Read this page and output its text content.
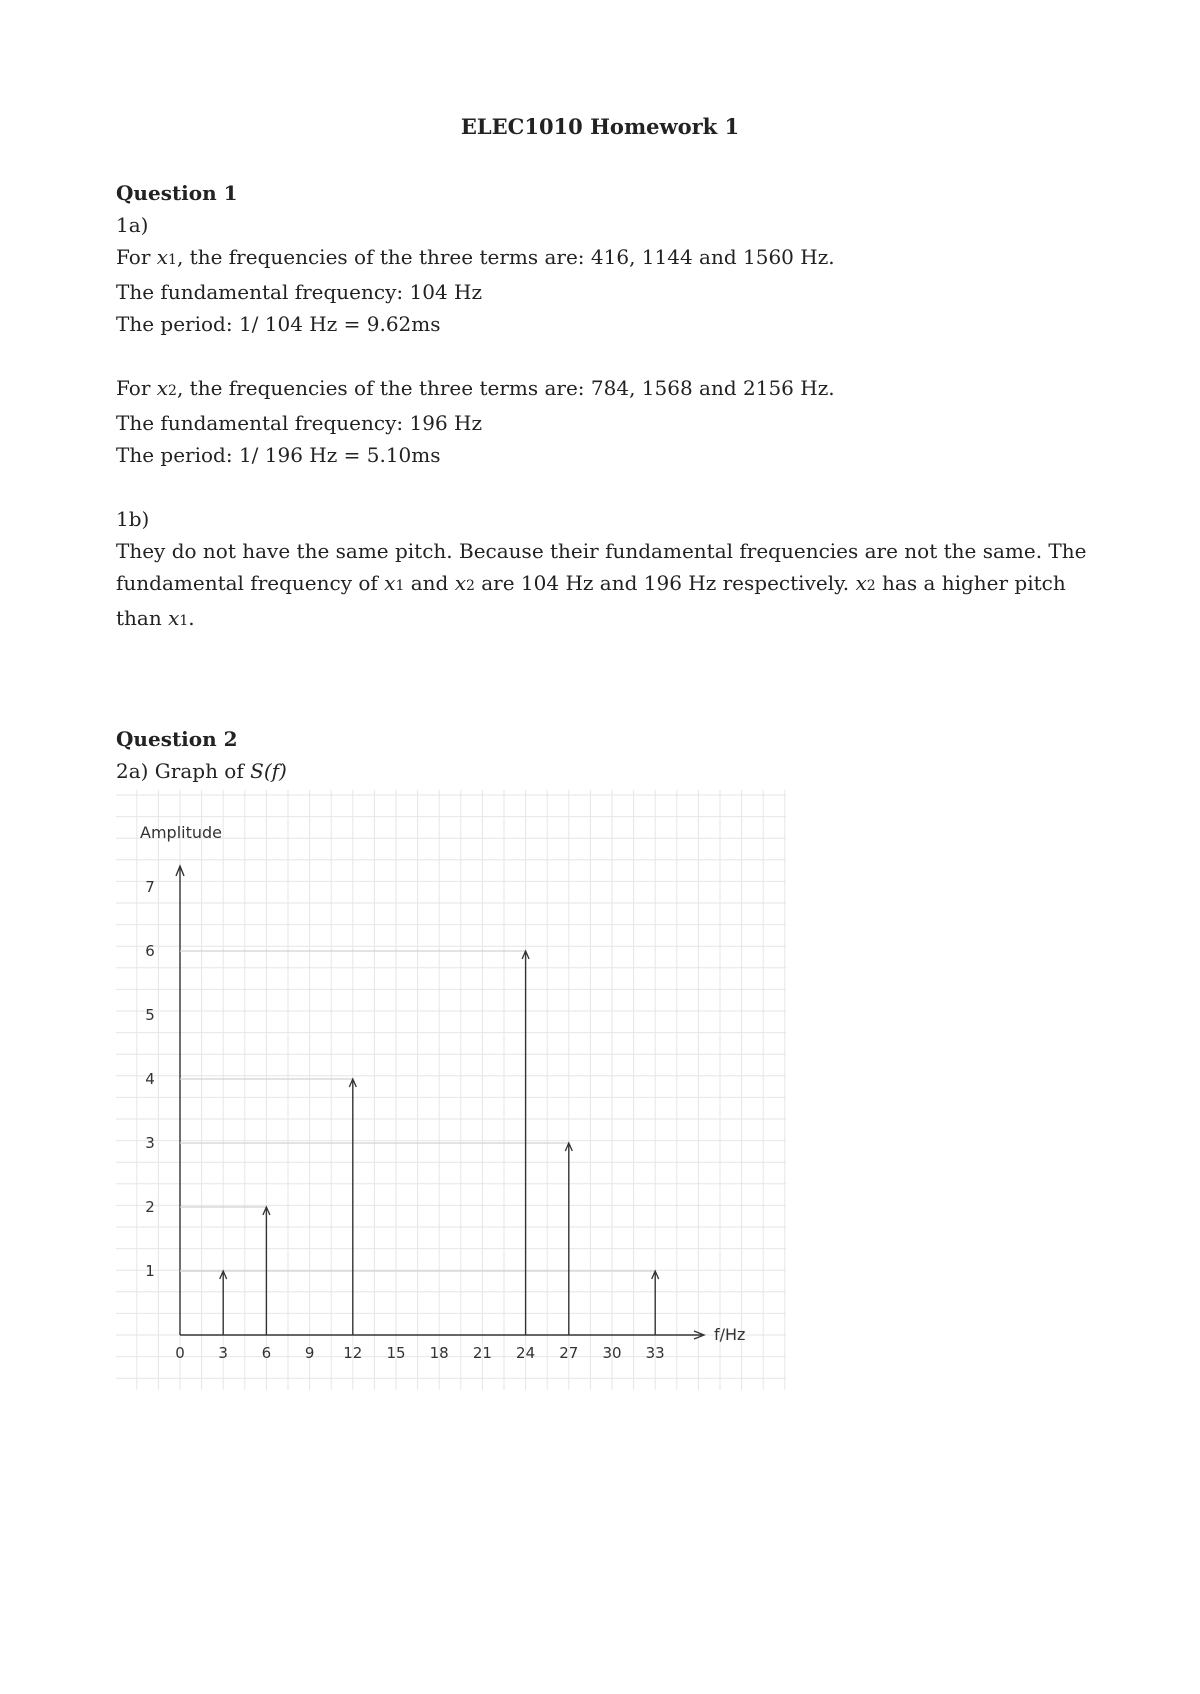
ELEC1010 Homework 1

Question 1

1a)

For x1, the frequencies of the three terms are: 416, 1144 and 1560 Hz.

The fundamental frequency: 104 Hz

The period: 1/ 104 Hz = 9.62ms

For x2, the frequencies of the three terms are: 784, 1568 and 2156 Hz.

The fundamental frequency: 196 Hz

The period: 1/ 196 Hz = 5.10ms

1b)

They do not have the same pitch. Because their fundamental frequencies are not the same. The fundamental frequency of x1 and x2 are 104 Hz and 196 Hz respectively. x2 has a higher pitch than x1.

Question 2

2a) Graph of S(f)

0 3 6 9 12 15 18 21 24 27 30 33
1
2
3
4
5
6
7
Amplitude
f/Hz
